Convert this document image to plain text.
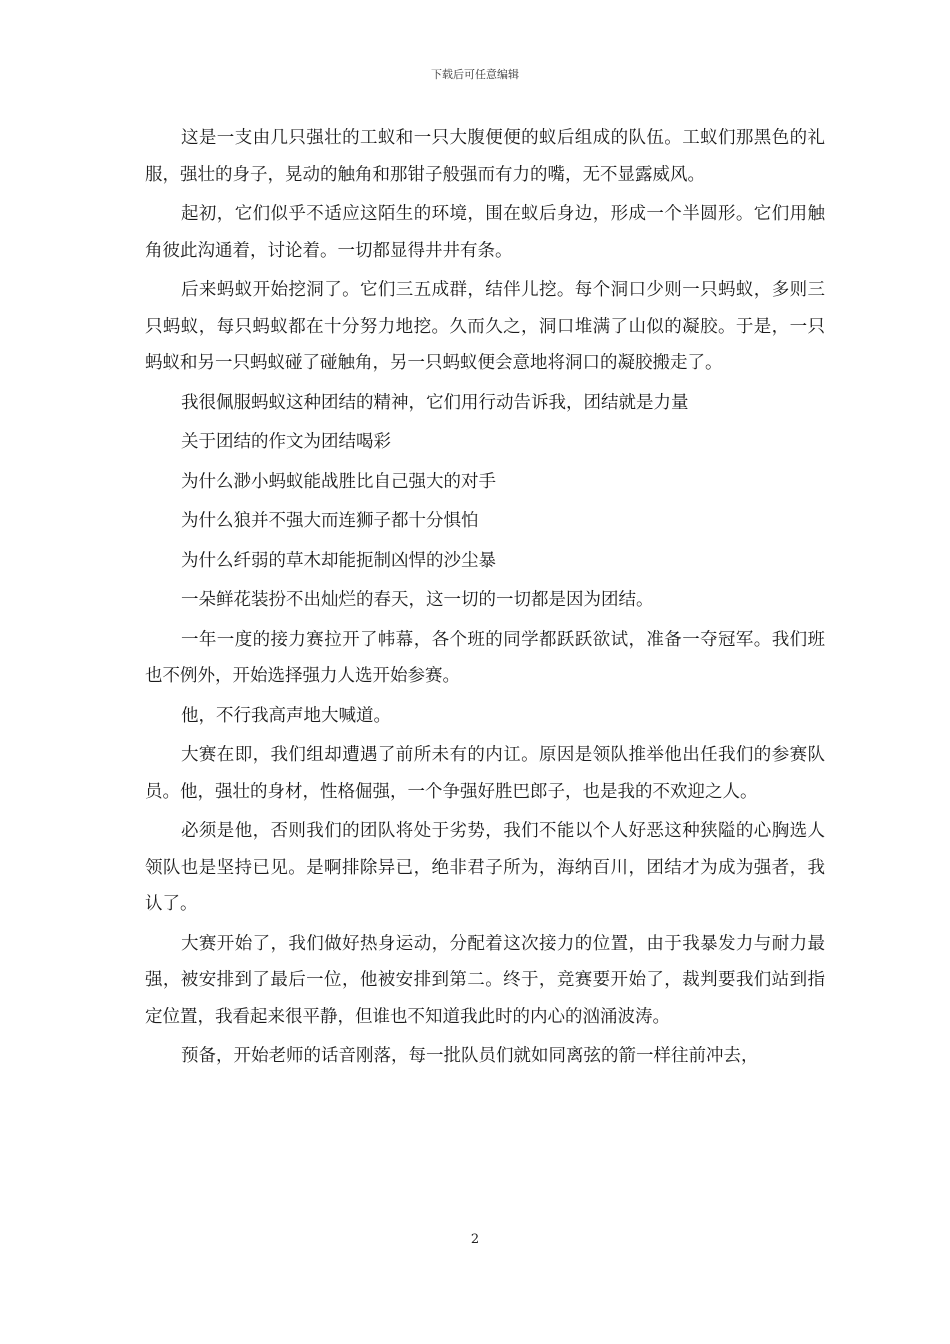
下载后可任意编辑

这是一支由几只强壮的工蚁和一只大腹便便的蚁后组成的队伍。工蚁们那黑色的礼服，强壮的身子，晃动的触角和那钳子般强而有力的嘴，无不显露威风。

起初，它们似乎不适应这陌生的环境，围在蚁后身边，形成一个半圆形。它们用触角彼此沟通着，讨论着。一切都显得井井有条。

后来蚂蚁开始挖洞了。它们三五成群，结伴儿挖。每个洞口少则一只蚂蚁，多则三只蚂蚁，每只蚂蚁都在十分努力地挖。久而久之，洞口堆满了山似的凝胶。于是，一只蚂蚁和另一只蚂蚁碰了碰触角，另一只蚂蚁便会意地将洞口的凝胶搬走了。

我很佩服蚂蚁这种团结的精神，它们用行动告诉我，团结就是力量

关于团结的作文为团结喝彩

为什么渺小蚂蚁能战胜比自己强大的对手

为什么狼并不强大而连狮子都十分惧怕

为什么纤弱的草木却能扼制凶悍的沙尘暴

一朵鲜花装扮不出灿烂的春天，这一切的一切都是因为团结。

一年一度的接力赛拉开了帏幕，各个班的同学都跃跃欲试，准备一夺冠军。我们班也不例外，开始选择强力人选开始参赛。

他，不行我高声地大喊道。

大赛在即，我们组却遭遇了前所未有的内讧。原因是领队推举他出任我们的参赛队员。他，强壮的身材，性格倔强，一个争强好胜巴郎子，也是我的不欢迎之人。

必须是他，否则我们的团队将处于劣势，我们不能以个人好恶这种狭隘的心胸选人领队也是坚持已见。是啊排除异已，绝非君子所为，海纳百川，团结才为成为强者，我认了。

大赛开始了，我们做好热身运动，分配着这次接力的位置，由于我暴发力与耐力最强，被安排到了最后一位，他被安排到第二。终于，竞赛要开始了，裁判要我们站到指定位置，我看起来很平静，但谁也不知道我此时的内心的汹涌波涛。

预备，开始老师的话音刚落，每一批队员们就如同离弦的箭一样往前冲去，

2
